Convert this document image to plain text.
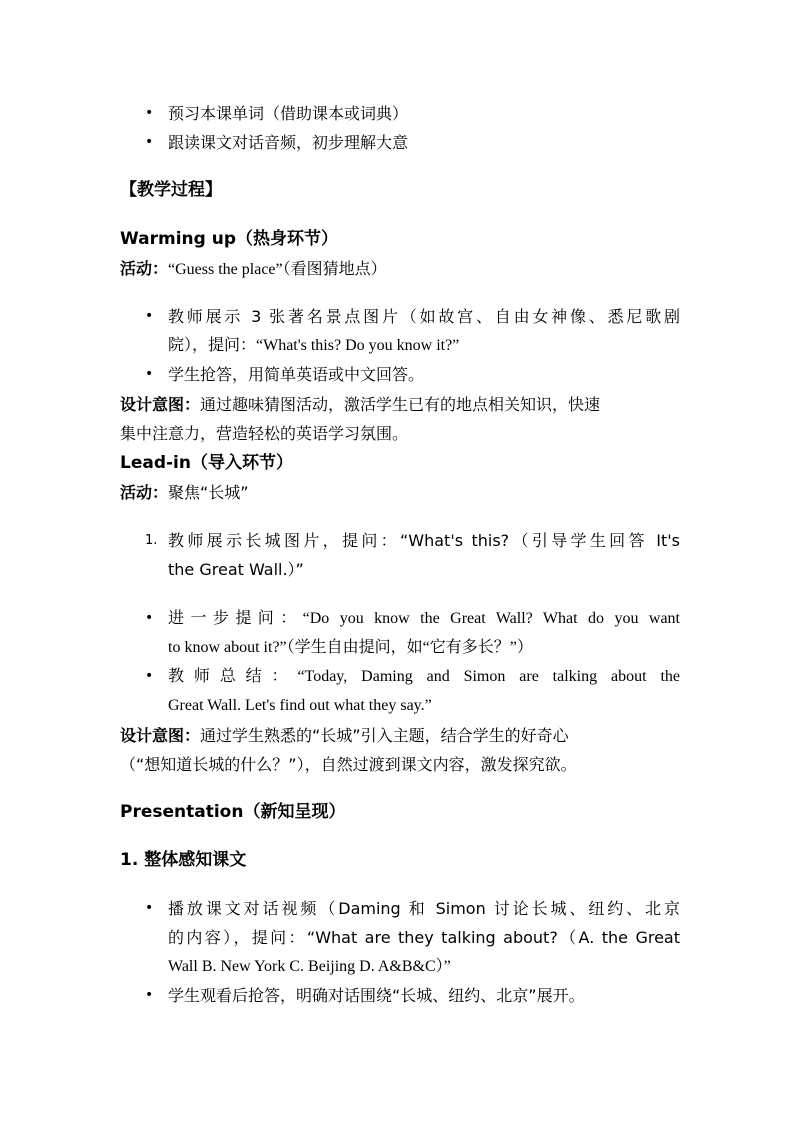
• 预习本课单词（借助课本或词典）
• 跟读课文对话音频，初步理解大意
【教学过程】
Warming up（热身环节）
活动：“Guess the place”（看图猜地点）
• 教师展示 3 张著名景点图片（如故宫、自由女神像、悉尼歌剧
院），提问：“What's this? Do you know it?”
• 学生抢答，用简单英语或中文回答。
设计意图：通过趣味猜图活动，激活学生已有的地点相关知识，快速
集中注意力，营造轻松的英语学习氛围。
Lead-in（导入环节）
活动：聚焦“长城”
1. 教师展示长城图片，提问：“What's this?（引导学生回答 It's
the Great Wall.）”
• 进一步提问：“Do you know the Great Wall? What do you want
to know about it?”（学生自由提问，如“它有多长？”）
• 教师总结：“Today, Daming and Simon are talking about the
Great Wall. Let's find out what they say.”
设计意图：通过学生熟悉的“长城”引入主题，结合学生的好奇心
（“想知道长城的什么？”），自然过渡到课文内容，激发探究欲。
Presentation（新知呈现）
1. 整体感知课文
• 播放课文对话视频（Daming 和 Simon 讨论长城、纽约、北京
的内容），提问：“What are they talking about?（A. the Great
Wall B. New York C. Beijing D. A&B&C）”
• 学生观看后抢答，明确对话围绕“长城、纽约、北京”展开。
